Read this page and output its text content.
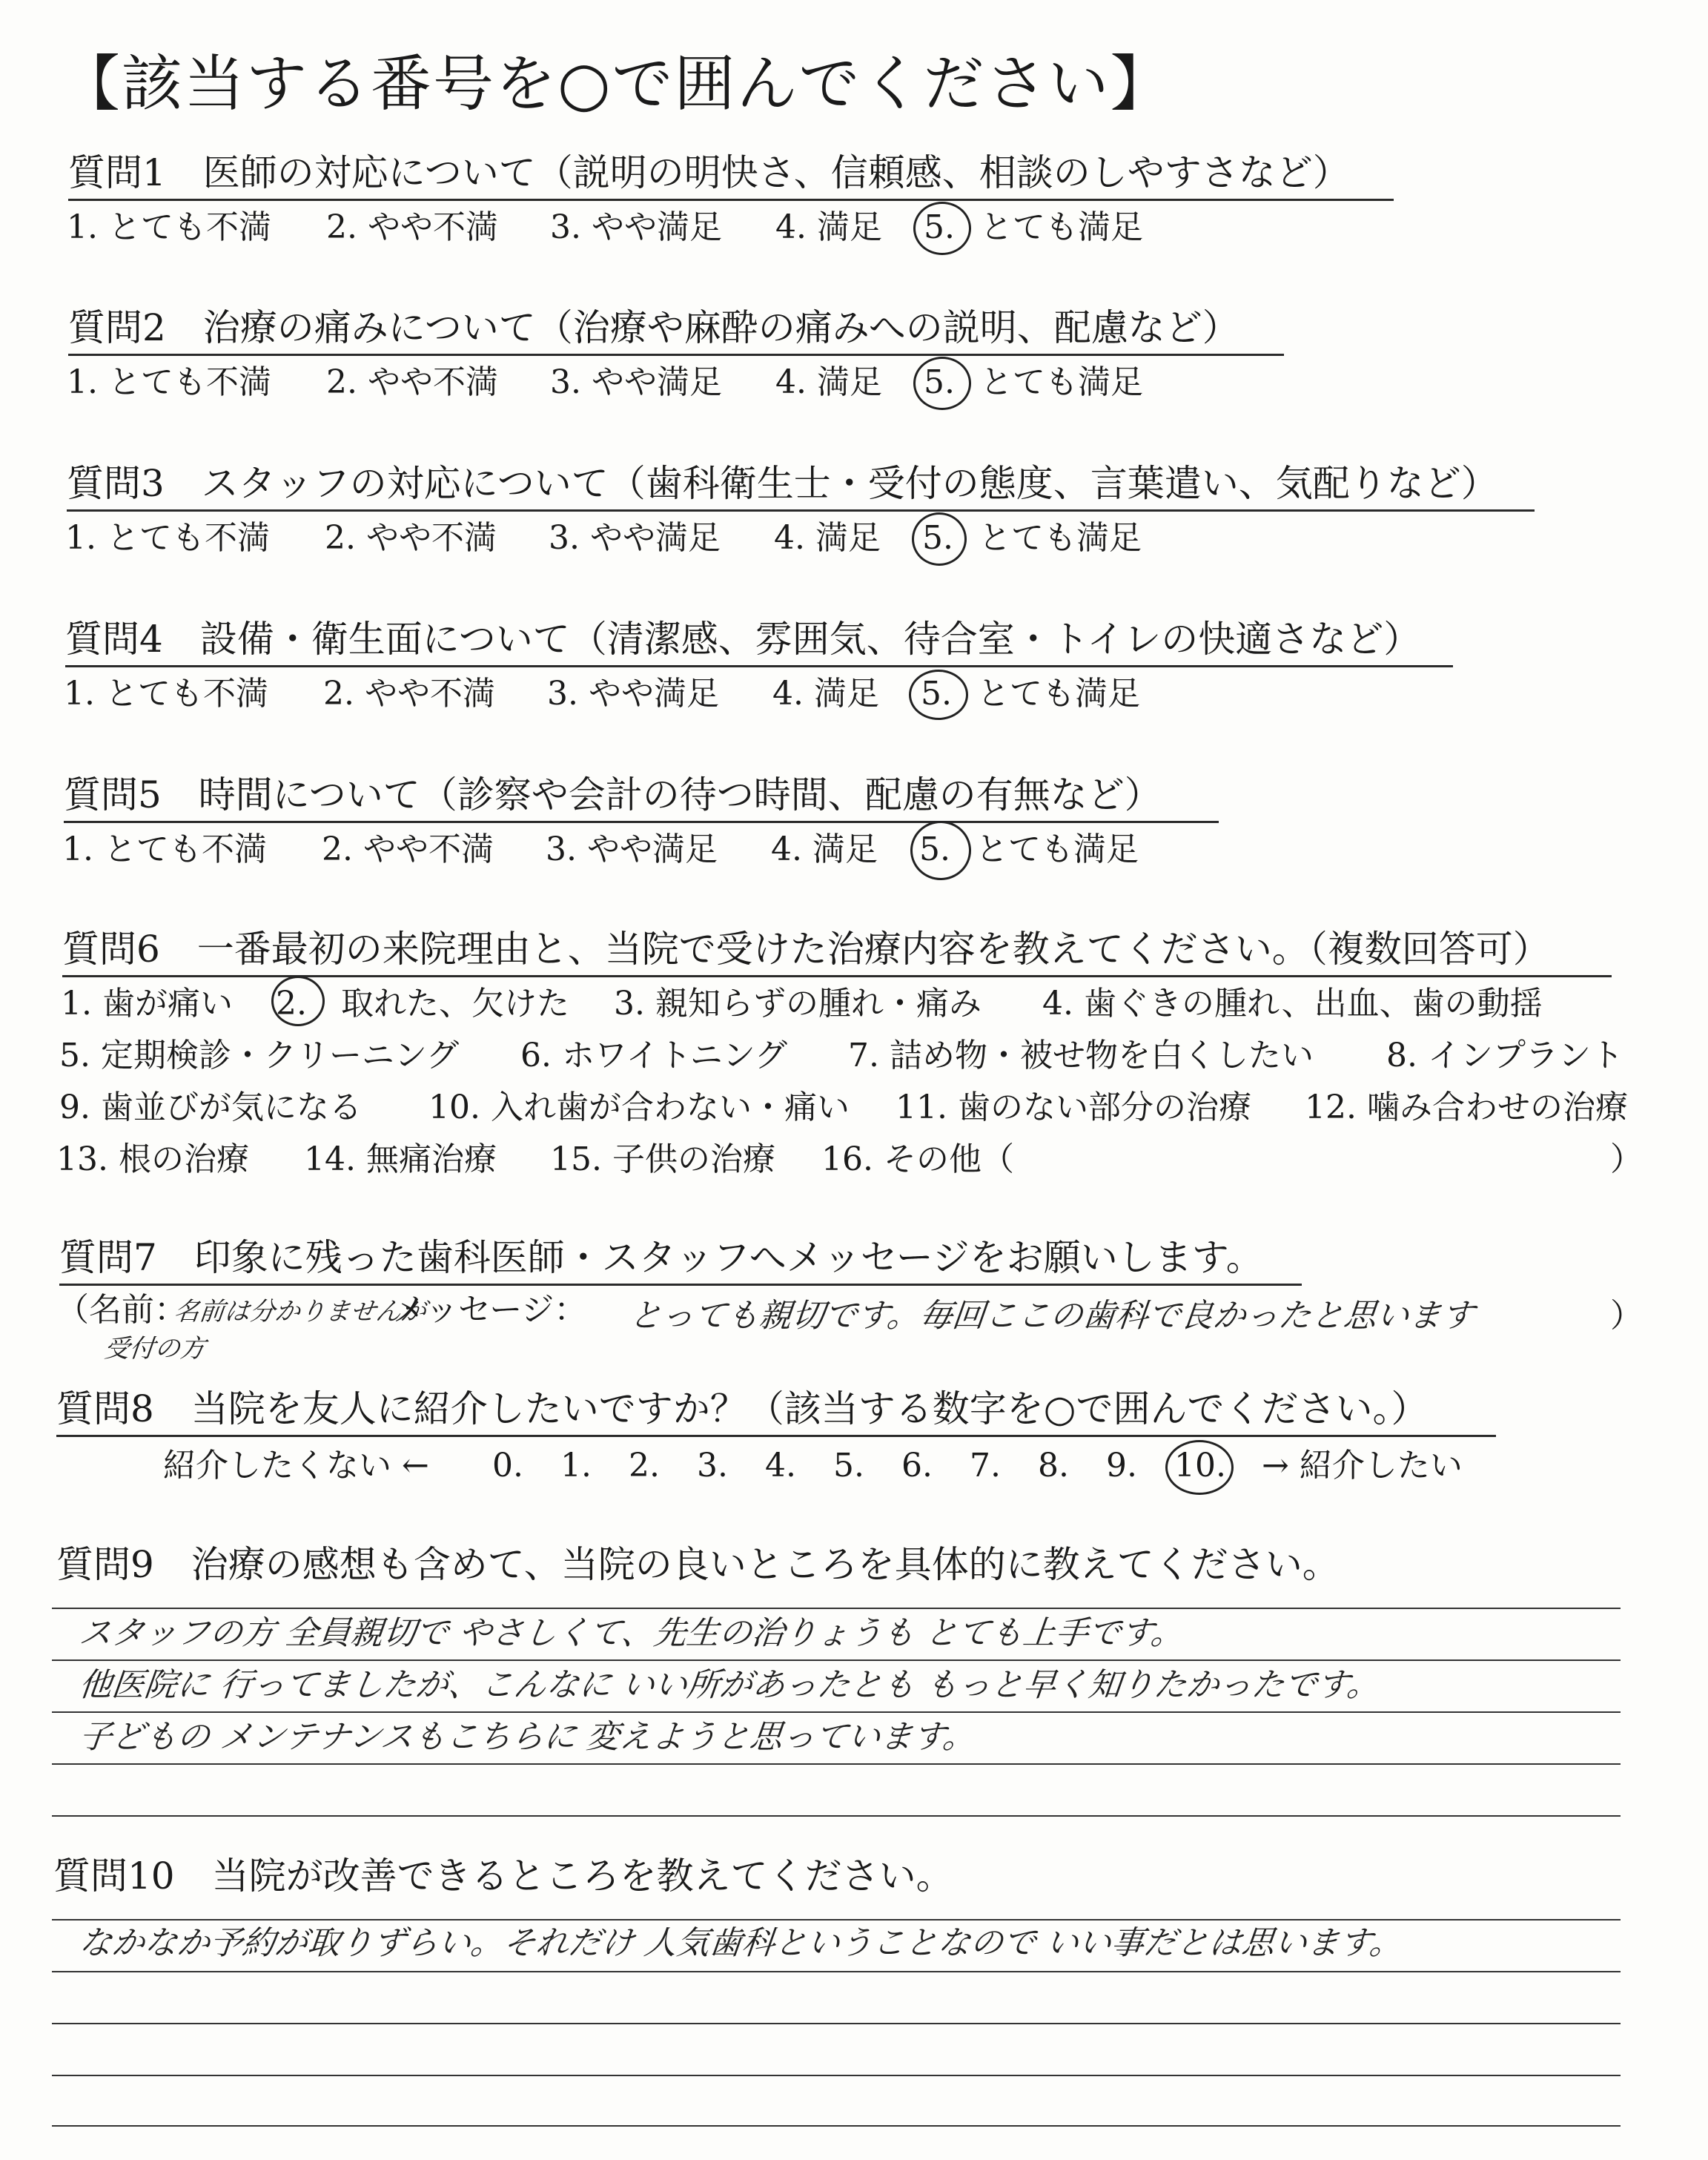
【該当する番号を○で囲んでください】
質問1　医師の対応について（説明の明快さ、信頼感、相談のしやすさなど）
1. とても不満 2. やや不満 3. やや満足 4. 満足 5. とても満足
質問2　治療の痛みについて（治療や麻酔の痛みへの説明、配慮など）
1. とても不満 2. やや不満 3. やや満足 4. 満足 5. とても満足
質問3　スタッフの対応について（歯科衛生士・受付の態度、言葉遣い、気配りなど）
1. とても不満 2. やや不満 3. やや満足 4. 満足 5. とても満足
質問4　設備・衛生面について（清潔感、雰囲気、待合室・トイレの快適さなど）
1. とても不満 2. やや不満 3. やや満足 4. 満足 5. とても満足
質問5　時間について（診察や会計の待つ時間、配慮の有無など）
1. とても不満 2. やや不満 3. やや満足 4. 満足 5. とても満足
質問6　一番最初の来院理由と、当院で受けた治療内容を教えてください。（複数回答可）
1. 歯が痛い 2. 取れた、欠けた 3. 親知らずの腫れ・痛み 4. 歯ぐきの腫れ、出血、歯の動揺
5. 定期検診・クリーニング 6. ホワイトニング 7. 詰め物・被せ物を白くしたい 8. インプラント
9. 歯並びが気になる 10. 入れ歯が合わない・痛い 11. 歯のない部分の治療 12. 噛み合わせの治療
13. 根の治療 14. 無痛治療 15. 子供の治療 16. その他（	）
質問7　印象に残った歯科医師・スタッフへメッセージをお願いします。
（名前：
名前は分かりませんが
受付の方
メッセージ： とっても親切です。毎回ここの歯科で良かったと思います	）
質問8　当院を友人に紹介したいですか？（該当する数字を○で囲んでください。）
紹介したくない ← 0. 1. 2. 3. 4. 5. 6. 7. 8. 9. 10. → 紹介したい
質問9　治療の感想も含めて、当院の良いところを具体的に教えてください。
スタッフの方 全員親切で やさしくて、先生の治りょうも とても上手です。
他医院に 行ってましたが、こんなに いい所があったとも もっと早く知りたかったです。
子どもの メンテナンスもこちらに 変えようと思っています。
質問10　当院が改善できるところを教えてください。
なかなか予約が取りずらい。それだけ 人気歯科ということなので いい事だとは思います。
